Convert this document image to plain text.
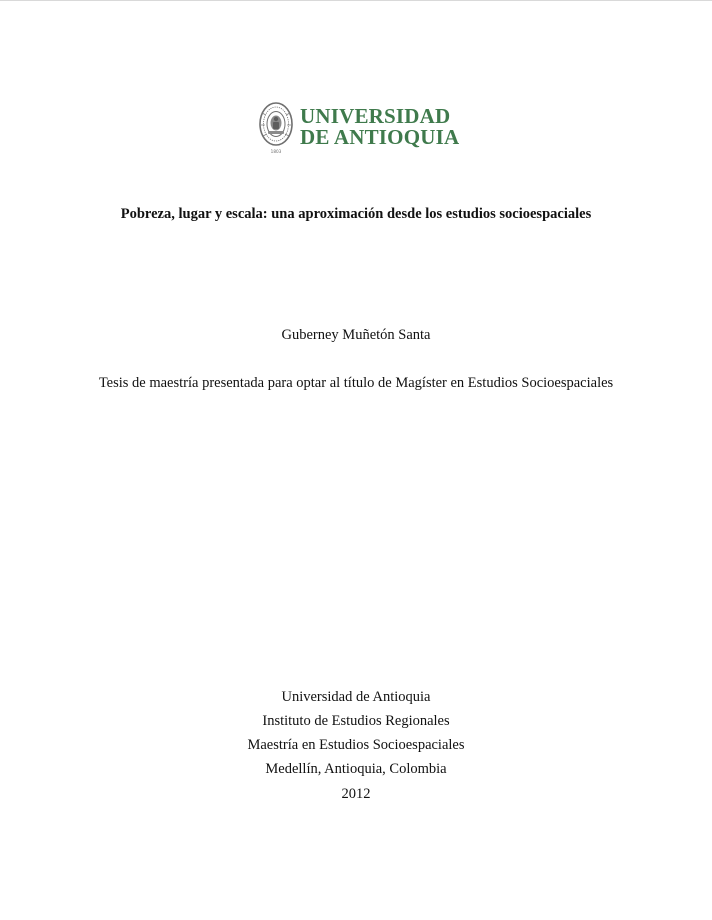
1803
UNIVERSIDAD
DE ANTIOQUIA
Pobreza, lugar y escala: una aproximación desde los estudios socioespaciales
Guberney Muñetón Santa
Tesis de maestría presentada para optar al título de Magíster en Estudios Socioespaciales
Universidad de Antioquia
Instituto de Estudios Regionales
Maestría en Estudios Socioespaciales
Medellín, Antioquia, Colombia
2012
